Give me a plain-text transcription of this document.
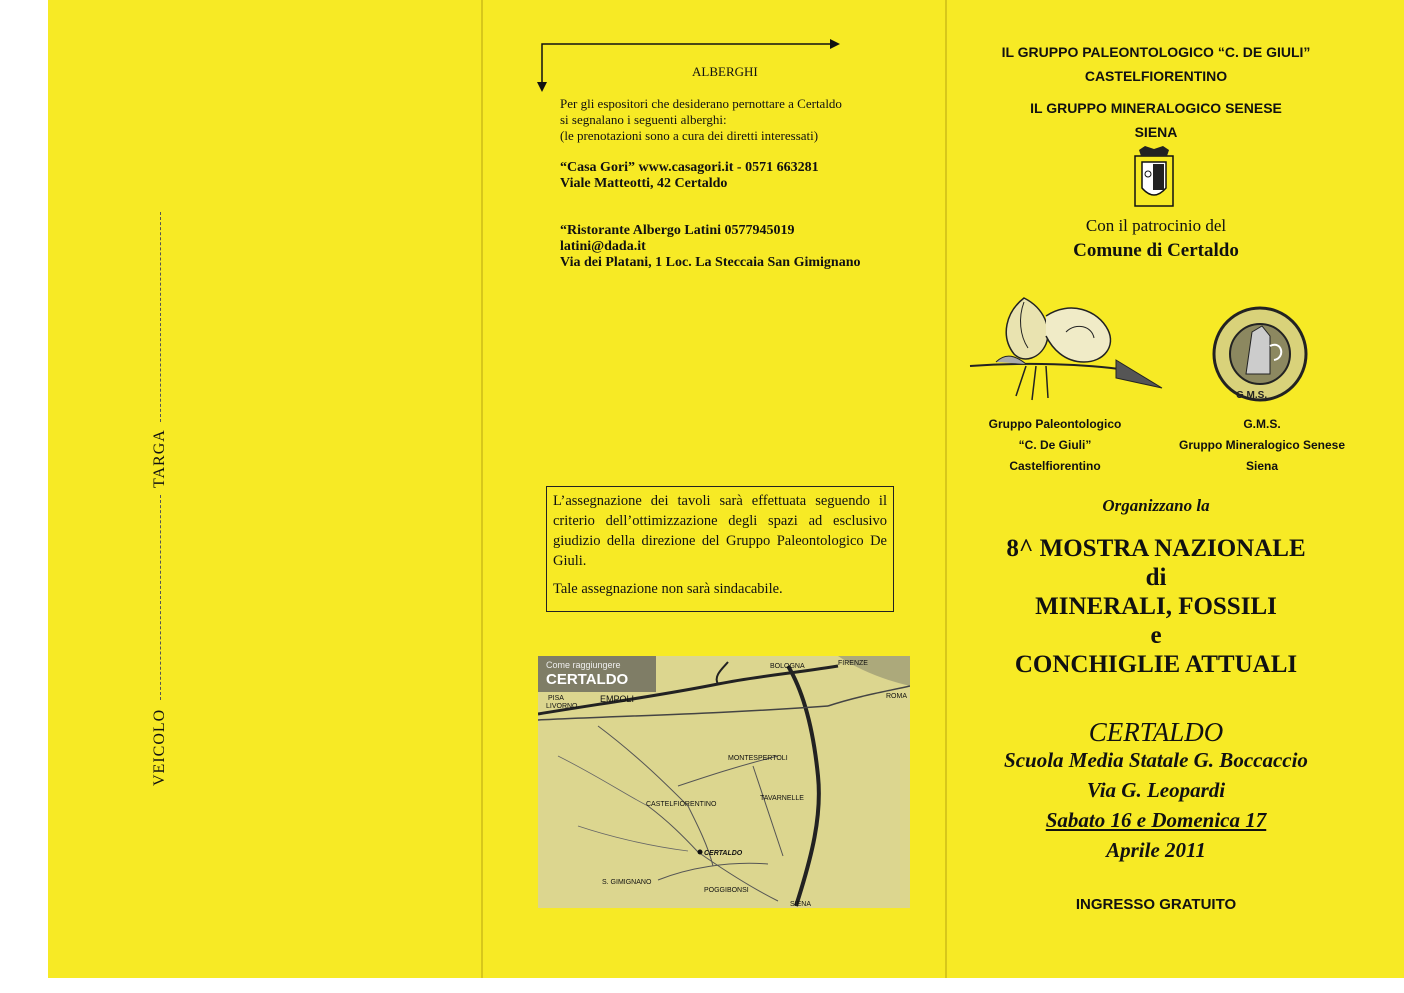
VEICOLO
TARGA
ALBERGHI
Per gli espositori che desiderano pernottare a Certaldo
si segnalano i seguenti alberghi:
(le prenotazioni sono a cura dei diretti interessati)
“Casa Gori” www.casagori.it - 0571 663281
Viale Matteotti, 42 Certaldo
“Ristorante Albergo Latini 0577945019
latini@dada.it
Via dei Platani, 1 Loc. La Steccaia San Gimignano

L’assegnazione dei tavoli sarà effettuata seguendo il criterio dell’ottimizzazione degli spazi ad esclusivo giudizio della direzione del Gruppo Paleontologico De Giuli.

Tale assegnazione non sarà sindacabile.

Come raggiungere
CERTALDO
PISA
LIVORNO
EMPOLI
FIRENZE
BOLOGNA
ROMA
MONTESPERTOLI
CASTELFIORENTINO
CERTALDO
S. GIMIGNANO
POGGIBONSI
SIENA
TAVARNELLE
IL GRUPPO PALEONTOLOGICO “C. DE GIULI”
CASTELFIORENTINO
IL GRUPPO MINERALOGICO SENESE
SIENA
Con il patrocinio del
Comune di Certaldo
G.M.S.
Gruppo Paleontologico
“C. De Giuli”
Castelfiorentino
G.M.S.
Gruppo Mineralogico Senese
Siena
Organizzano la
8^ MOSTRA NAZIONALE
di
MINERALI, FOSSILI
e
CONCHIGLIE ATTUALI
CERTALDO
Scuola Media Statale G. Boccaccio
Via G. Leopardi
Sabato 16 e Domenica 17
Aprile 2011
INGRESSO GRATUITO
